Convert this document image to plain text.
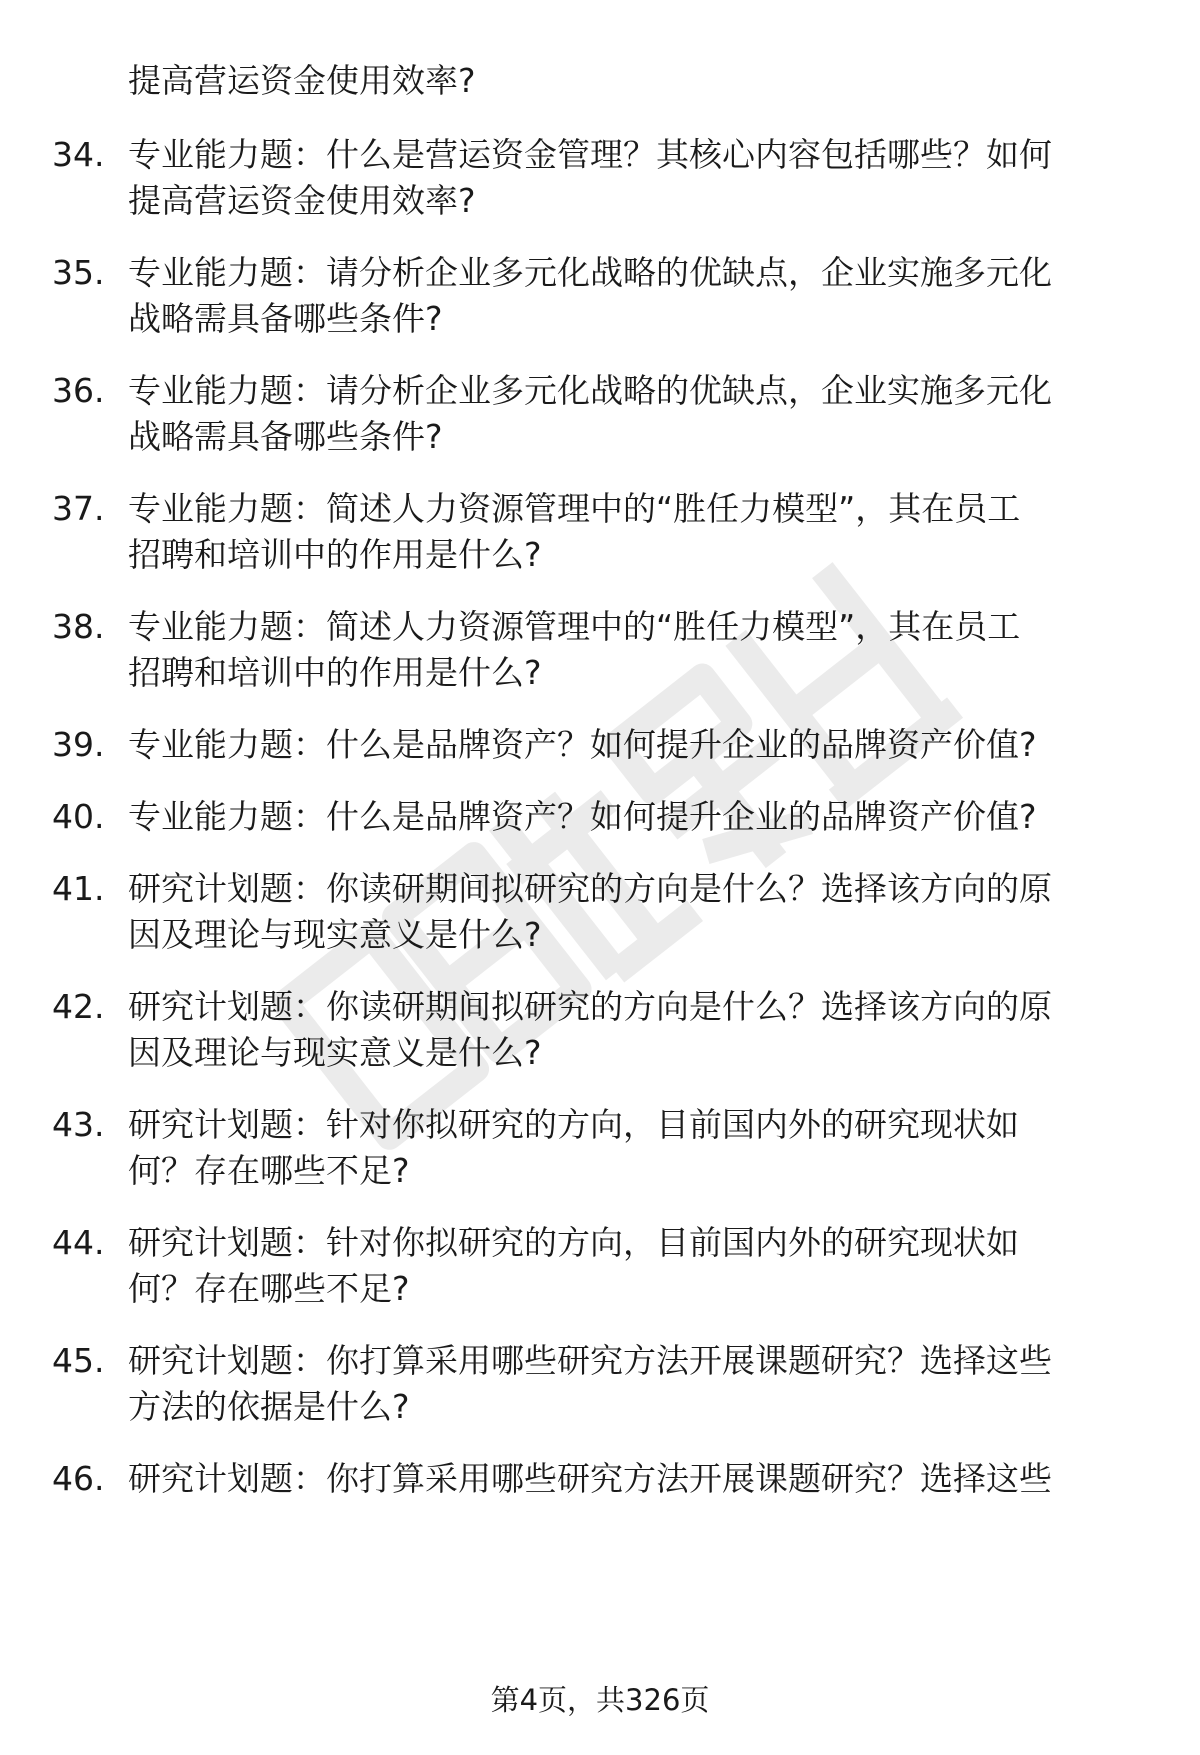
提高营运资金使用效率?
34. 专业能力题：什么是营运资金管理？其核心内容包括哪些？如何
提高营运资金使用效率?
35. 专业能力题：请分析企业多元化战略的优缺点，企业实施多元化
战略需具备哪些条件?
36. 专业能力题：请分析企业多元化战略的优缺点，企业实施多元化
战略需具备哪些条件?
37. 专业能力题：简述人力资源管理中的“胜任力模型”，其在员工
招聘和培训中的作用是什么?
38. 专业能力题：简述人力资源管理中的“胜任力模型”，其在员工
招聘和培训中的作用是什么?
39. 专业能力题：什么是品牌资产？如何提升企业的品牌资产价值?
40. 专业能力题：什么是品牌资产？如何提升企业的品牌资产价值?
41. 研究计划题：你读研期间拟研究的方向是什么？选择该方向的原
因及理论与现实意义是什么?
42. 研究计划题：你读研期间拟研究的方向是什么？选择该方向的原
因及理论与现实意义是什么?
43. 研究计划题：针对你拟研究的方向，目前国内外的研究现状如
何？存在哪些不足?
44. 研究计划题：针对你拟研究的方向，目前国内外的研究现状如
何？存在哪些不足?
45. 研究计划题：你打算采用哪些研究方法开展课题研究？选择这些
方法的依据是什么?
46. 研究计划题：你打算采用哪些研究方法开展课题研究？选择这些
第4页，共326页
